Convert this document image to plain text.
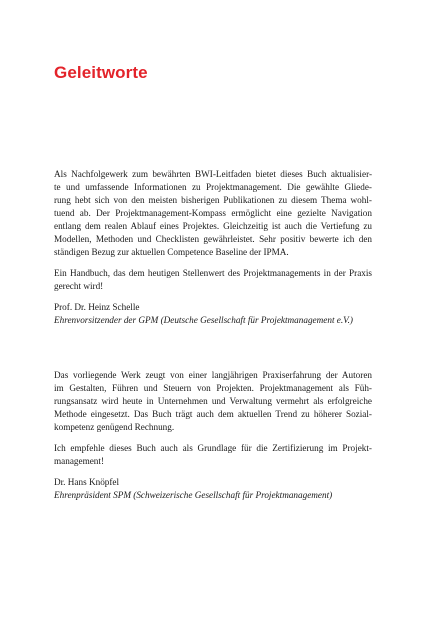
Geleitworte

Als Nachfolgewerk zum bewährten BWI-Leitfaden bietet dieses Buch aktualisier-
te und umfassende Informationen zu Projektmanagement. Die gewählte Gliede-
rung hebt sich von den meisten bisherigen Publikationen zu diesem Thema wohl-
tuend ab. Der Projektmanagement-Kompass ermöglicht eine gezielte Navigation
entlang dem realen Ablauf eines Projektes. Gleichzeitig ist auch die Vertiefung zu
Modellen, Methoden und Checklisten gewährleistet. Sehr positiv bewerte ich den
ständigen Bezug zur aktuellen Competence Baseline der IPMA.

Ein Handbuch, das dem heutigen Stellenwert des Projektmanagements in der Praxis
gerecht wird!

Prof. Dr. Heinz Schelle
Ehrenvorsitzender der GPM (Deutsche Gesellschaft für Projektmanagement e.V.)

Das vorliegende Werk zeugt von einer langjährigen Praxiserfahrung der Autoren
im Gestalten, Führen und Steuern von Projekten. Projektmanagement als Füh-
rungsansatz wird heute in Unternehmen und Verwaltung vermehrt als erfolgreiche
Methode eingesetzt. Das Buch trägt auch dem aktuellen Trend zu höherer Sozial-
kompetenz genügend Rechnung.

Ich empfehle dieses Buch auch als Grundlage für die Zertifizierung im Projekt-
management!

Dr. Hans Knöpfel
Ehrenpräsident SPM (Schweizerische Gesellschaft für Projektmanagement)
